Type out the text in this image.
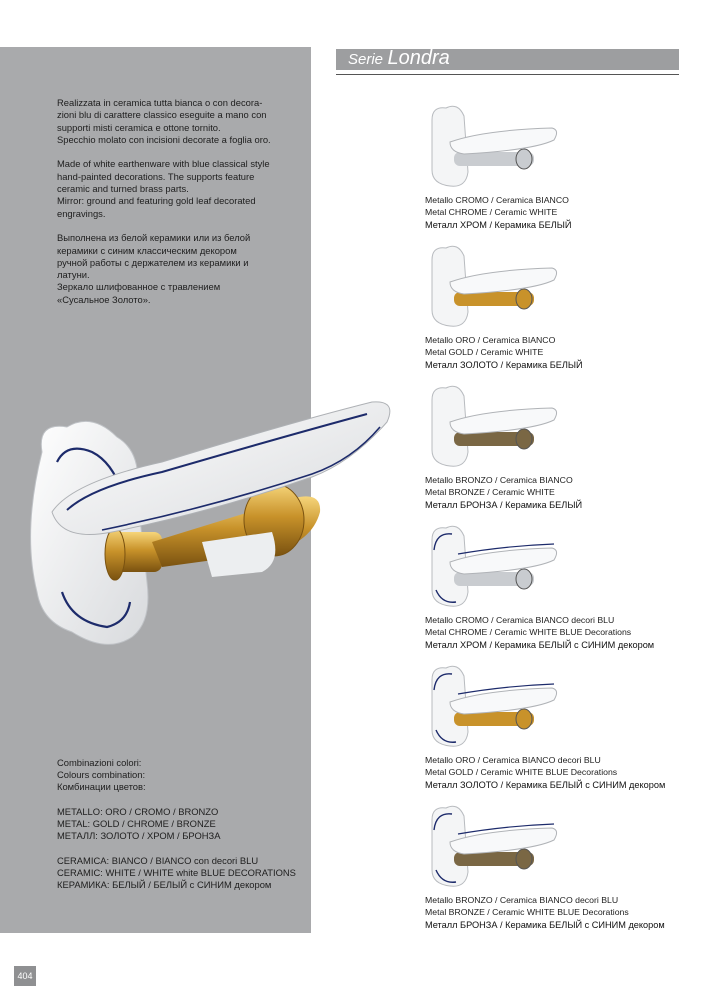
Realizzata in ceramica tutta bianca o con decora-
zioni blu di carattere classico eseguite a mano con
supporti misti ceramica e ottone tornito.
Specchio molato con incisioni decorate a foglia oro.

Made of white earthenware with blue classical style
hand-painted decorations. The supports feature
ceramic and turned brass parts.
Mirror: ground and featuring gold leaf decorated
engravings.

Выполнена из белой керамики или из белой
керамики с синим классическим декором
ручной работы с держателем из керамики и
латуни.
Зеркало шлифованное с травлением
«Сусальное Золото».

Combinazioni colori:
Colours combination:
Комбинации цветов:

METALLO: ORO / CROMO / BRONZO
METAL: GOLD / CHROME / BRONZE
МЕТАЛЛ: ЗОЛОТО / ХРОМ / БРОНЗА

CERAMICA: BIANCO / BIANCO con decori BLU
CERAMIC: WHITE / WHITE white BLUE DECORATIONS
КЕРАМИКА: БЕЛЫЙ / БЕЛЫЙ с СИНИМ декором

Serie Londra
Metallo CROMO / Ceramica BIANCO
Metal CHROME / Ceramic WHITE
Металл ХРОМ / Керамика БЕЛЫЙ
Metallo ORO / Ceramica BIANCO
Metal GOLD / Ceramic WHITE
Металл ЗОЛОТО / Керамика БЕЛЫЙ
Metallo BRONZO / Ceramica BIANCO
Metal BRONZE / Ceramic WHITE
Металл БРОНЗА / Керамика БЕЛЫЙ
Metallo CROMO / Ceramica BIANCO decori BLU
Metal CHROME / Ceramic WHITE BLUE Decorations
Металл ХРОМ / Керамика БЕЛЫЙ с СИНИМ декором
Metallo ORO / Ceramica BIANCO decori BLU
Metal GOLD / Ceramic WHITE BLUE Decorations
Металл ЗОЛОТО / Керамика БЕЛЫЙ с СИНИМ декором
Metallo BRONZO / Ceramica BIANCO decori BLU
Metal BRONZE / Ceramic WHITE BLUE Decorations
Металл БРОНЗА / Керамика БЕЛЫЙ с СИНИМ декором
404
